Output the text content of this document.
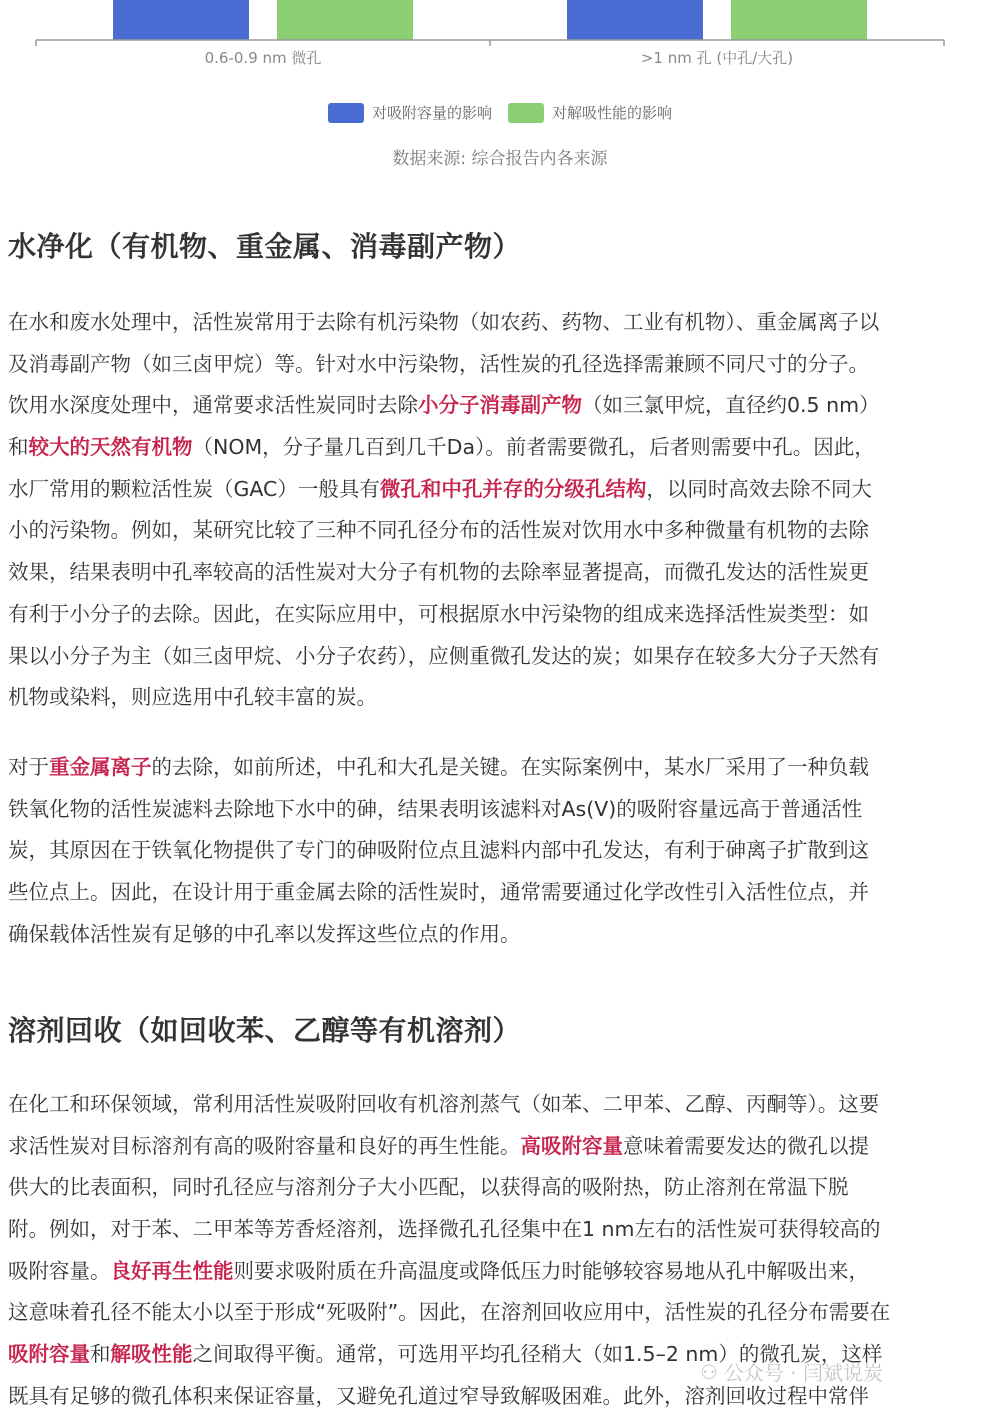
0.6-0.9 nm 微孔	>1 nm 孔 (中孔/大孔)
对吸附容量的影响	对解吸性能的影响
数据来源: 综合报告内各来源
水净化（有机物、重金属、消毒副产物）
在水和废水处理中，活性炭常用于去除有机污染物（如农药、药物、工业有机物）、重金属离子以
及消毒副产物（如三卤甲烷）等。针对水中污染物，活性炭的孔径选择需兼顾不同尺寸的分子。
饮用水深度处理中，通常要求活性炭同时去除小分子消毒副产物（如三氯甲烷，直径约0.5 nm）
和较大的天然有机物（NOM，分子量几百到几千Da）。前者需要微孔，后者则需要中孔。因此，
水厂常用的颗粒活性炭（GAC）一般具有微孔和中孔并存的分级孔结构，以同时高效去除不同大
小的污染物。例如，某研究比较了三种不同孔径分布的活性炭对饮用水中多种微量有机物的去除
效果，结果表明中孔率较高的活性炭对大分子有机物的去除率显著提高，而微孔发达的活性炭更
有利于小分子的去除。因此，在实际应用中，可根据原水中污染物的组成来选择活性炭类型：如
果以小分子为主（如三卤甲烷、小分子农药），应侧重微孔发达的炭；如果存在较多大分子天然有
机物或染料，则应选用中孔较丰富的炭。
对于重金属离子的去除，如前所述，中孔和大孔是关键。在实际案例中，某水厂采用了一种负载
铁氧化物的活性炭滤料去除地下水中的砷，结果表明该滤料对As(V)的吸附容量远高于普通活性
炭，其原因在于铁氧化物提供了专门的砷吸附位点且滤料内部中孔发达，有利于砷离子扩散到这
些位点上。因此，在设计用于重金属去除的活性炭时，通常需要通过化学改性引入活性位点，并
确保载体活性炭有足够的中孔率以发挥这些位点的作用。
溶剂回收（如回收苯、乙醇等有机溶剂）
在化工和环保领域，常利用活性炭吸附回收有机溶剂蒸气（如苯、二甲苯、乙醇、丙酮等）。这要
求活性炭对目标溶剂有高的吸附容量和良好的再生性能。高吸附容量意味着需要发达的微孔以提
供大的比表面积，同时孔径应与溶剂分子大小匹配，以获得高的吸附热，防止溶剂在常温下脱
附。例如，对于苯、二甲苯等芳香烃溶剂，选择微孔孔径集中在1 nm左右的活性炭可获得较高的
吸附容量。良好再生性能则要求吸附质在升高温度或降低压力时能够较容易地从孔中解吸出来，
这意味着孔径不能太小以至于形成“死吸附”。因此，在溶剂回收应用中，活性炭的孔径分布需要在
吸附容量和解吸性能之间取得平衡。通常，可选用平均孔径稍大（如1.5–2 nm）的微孔炭，这样
既具有足够的微孔体积来保证容量，又避免孔道过窄导致解吸困难。此外，溶剂回收过程中常伴
⚇ 公众号 · 闫斌说炭
